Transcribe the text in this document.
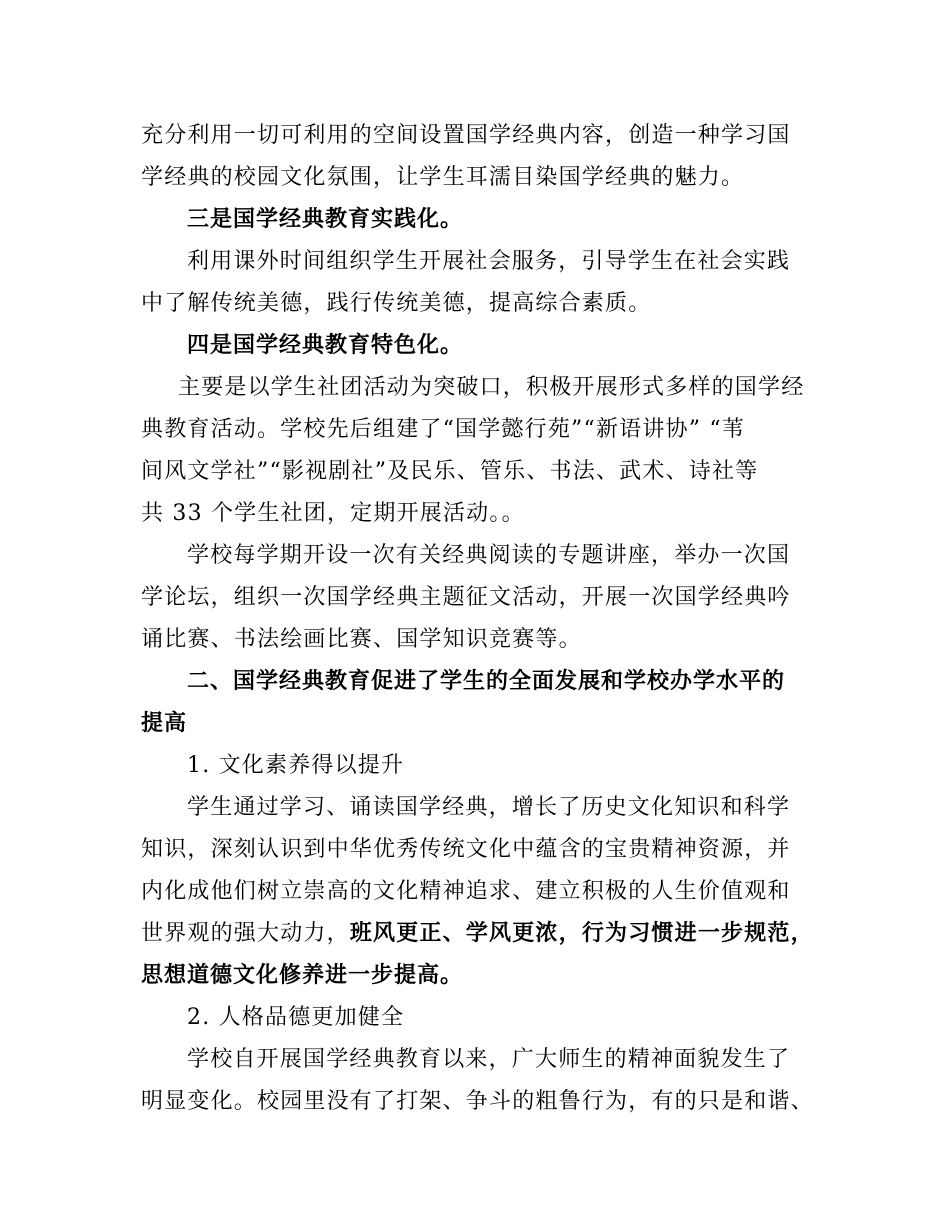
充分利用一切可利用的空间设置国学经典内容，创造一种学习国
学经典的校园文化氛围，让学生耳濡目染国学经典的魅力。
三是国学经典教育实践化。
利用课外时间组织学生开展社会服务，引导学生在社会实践
中了解传统美德，践行传统美德，提高综合素质。
四是国学经典教育特色化。
主要是以学生社团活动为突破口，积极开展形式多样的国学经
典教育活动。学校先后组建了“国学懿行苑”“新语讲协” “苇
间风文学社”“影视剧社”及民乐、管乐、书法、武术、诗社等
共 33 个学生社团，定期开展活动。。
学校每学期开设一次有关经典阅读的专题讲座，举办一次国
学论坛，组织一次国学经典主题征文活动，开展一次国学经典吟
诵比赛、书法绘画比赛、国学知识竞赛等。
二、国学经典教育促进了学生的全面发展和学校办学水平的
提高
1. 文化素养得以提升
学生通过学习、诵读国学经典，增长了历史文化知识和科学
知识，深刻认识到中华优秀传统文化中蕴含的宝贵精神资源，并
内化成他们树立崇高的文化精神追求、建立积极的人生价值观和
世界观的强大动力，班风更正、学风更浓，行为习惯进一步规范，
思想道德文化修养进一步提高。
2. 人格品德更加健全
学校自开展国学经典教育以来，广大师生的精神面貌发生了
明显变化。校园里没有了打架、争斗的粗鲁行为，有的只是和谐、
